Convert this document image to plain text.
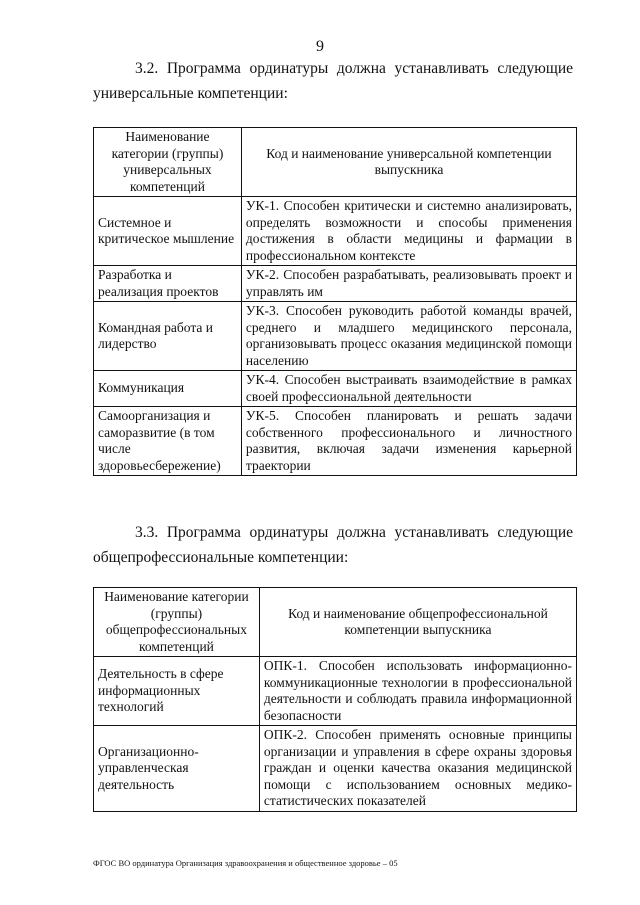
9

3.2. Программа ординатуры должна устанавливать следующие универсальные компетенции:

Наименование категории (группы) универсальных компетенций	Код и наименование универсальной компетенции выпускника
Системное и критическое мышление	УК-1. Способен критически и системно анализировать, определять возможности и способы применения достижения в области медицины и фармации в профессиональном контексте
Разработка и реализация проектов	УК-2. Способен разрабатывать, реализовывать проект и управлять им
Командная работа и лидерство	УК-3. Способен руководить работой команды врачей, среднего и младшего медицинского персонала, организовывать процесс оказания медицинской помощи населению
Коммуникация	УК-4. Способен выстраивать взаимодействие в рамках своей профессиональной деятельности
Самоорганизация и саморазвитие (в том числе здоровьесбережение)	УК-5. Способен планировать и решать задачи собственного профессионального и личностного развития, включая задачи изменения карьерной траектории

3.3. Программа ординатуры должна устанавливать следующие общепрофессиональные компетенции:

Наименование категории (группы) общепрофессиональных компетенций	Код и наименование общепрофессиональной компетенции выпускника
Деятельность в сфере информационных технологий	ОПК-1. Способен использовать информационно-коммуникационные технологии в профессиональной деятельности и соблюдать правила информационной безопасности
Организационно-управленческая деятельность	ОПК-2. Способен применять основные принципы организации и управления в сфере охраны здоровья граждан и оценки качества оказания медицинской помощи с использованием основных медико-статистических показателей
ФГОС ВО ординатура Организация здравоохранения и общественное здоровье – 05
